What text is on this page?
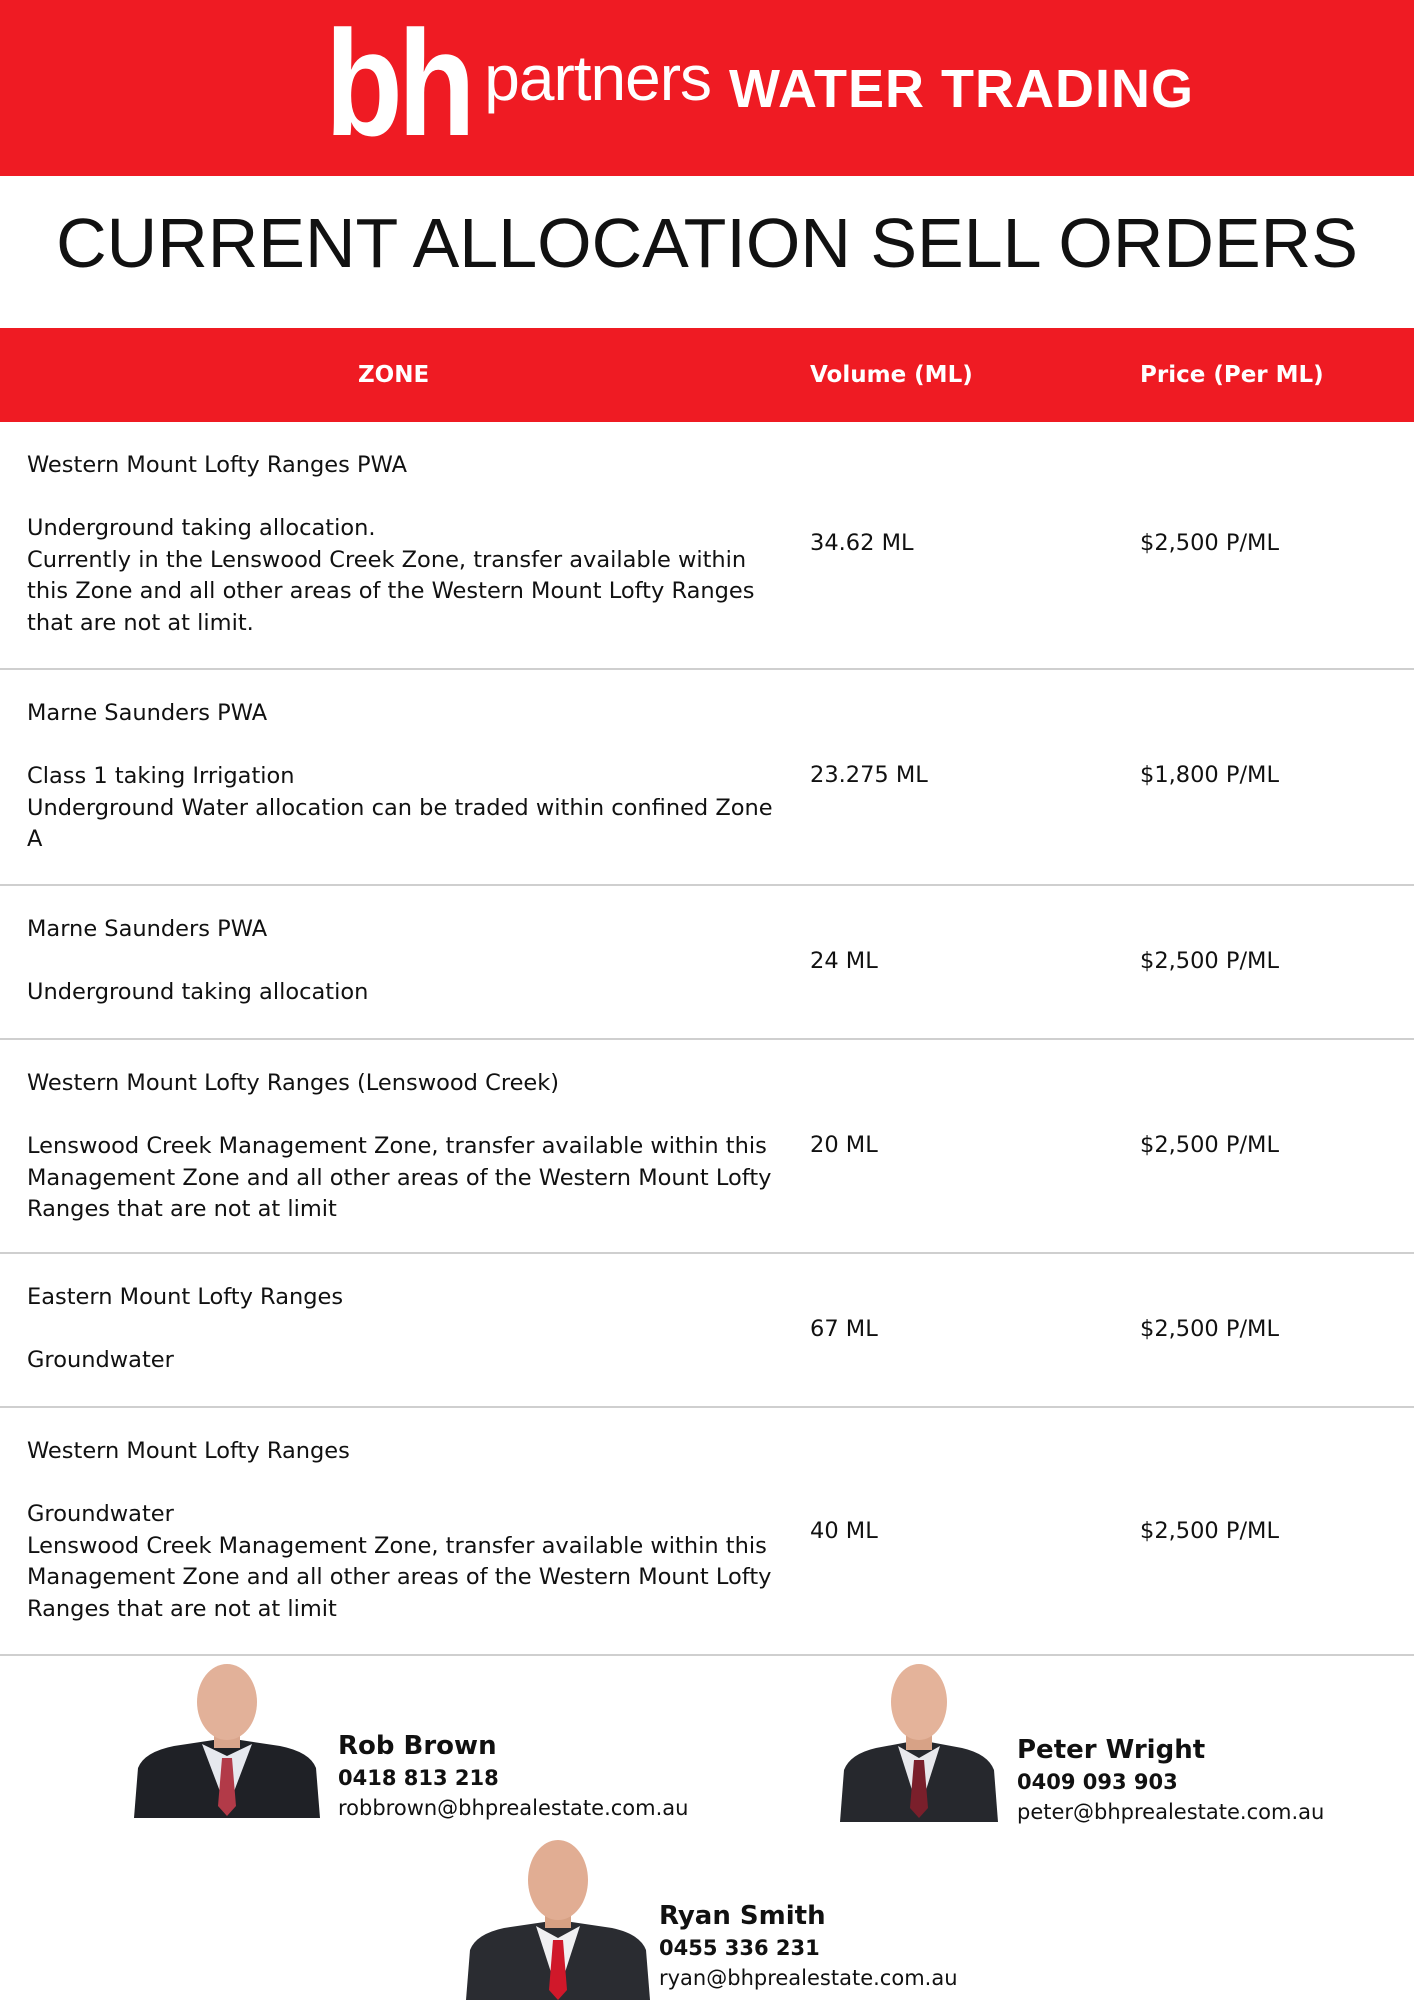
bh partners WATER TRADING
CURRENT ALLOCATION SELL ORDERS
ZONE	Volume (ML)	Price (Per ML)
Western Mount Lofty Ranges PWA
Underground taking allocation.
Currently in the Lenswood Creek Zone, transfer available within
this Zone and all other areas of the Western Mount Lofty Ranges
that are not at limit.
34.62 ML	$2,500 P/ML
Marne Saunders PWA
Class 1 taking Irrigation
Underground Water allocation can be traded within confined Zone
A
23.275 ML	$1,800 P/ML
Marne Saunders PWA
Underground taking allocation
24 ML	$2,500 P/ML
Western Mount Lofty Ranges (Lenswood Creek)
Lenswood Creek Management Zone, transfer available within this
Management Zone and all other areas of the Western Mount Lofty
Ranges that are not at limit
20 ML	$2,500 P/ML
Eastern Mount Lofty Ranges
Groundwater
67 ML	$2,500 P/ML
Western Mount Lofty Ranges
Groundwater
Lenswood Creek Management Zone, transfer available within this
Management Zone and all other areas of the Western Mount Lofty
Ranges that are not at limit
40 ML	$2,500 P/ML
Rob Brown
0418 813 218
robbrown@bhprealestate.com.au
Peter Wright
0409 093 903
peter@bhprealestate.com.au
Ryan Smith
0455 336 231
ryan@bhprealestate.com.au
